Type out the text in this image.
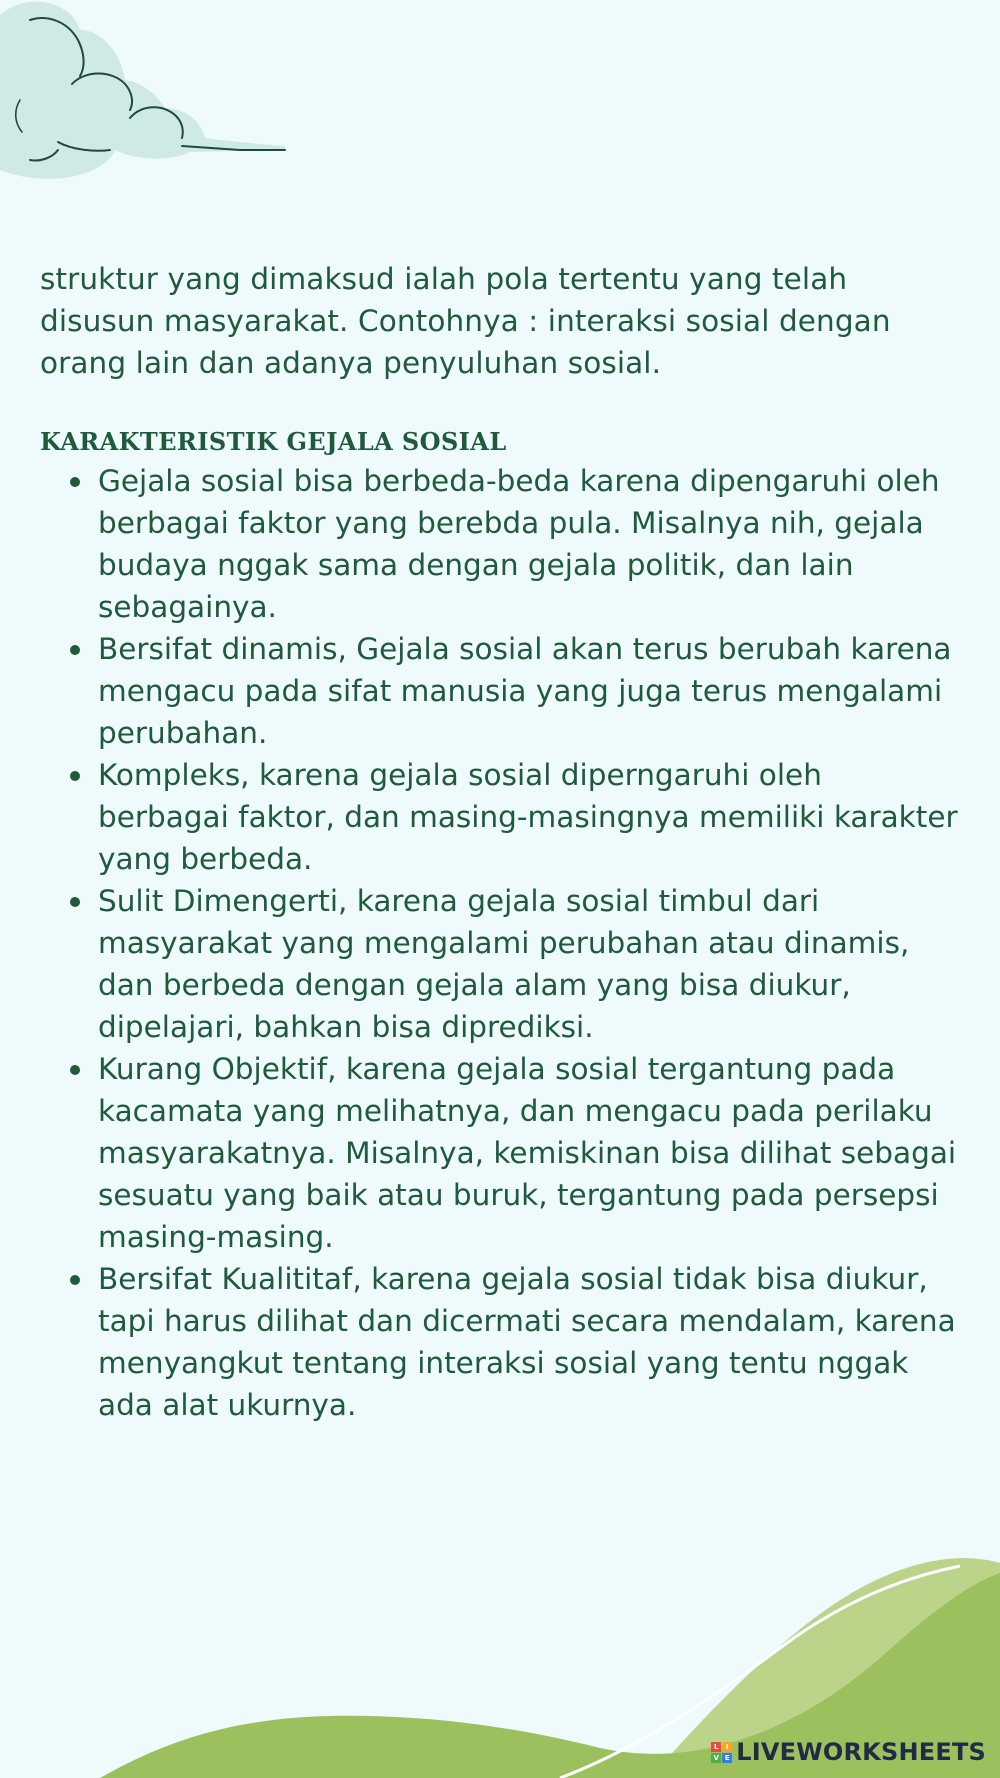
struktur yang dimaksud ialah pola tertentu yang telah disusun masyarakat. Contohnya : interaksi sosial dengan orang lain dan adanya penyuluhan sosial.

KARAKTERISTIK GEJALA SOSIAL
Gejala sosial bisa berbeda-beda karena dipengaruhi oleh berbagai faktor yang berebda pula. Misalnya nih, gejala budaya nggak sama dengan gejala politik, dan lain sebagainya.
Bersifat dinamis, Gejala sosial akan terus berubah karena mengacu pada sifat manusia yang juga terus mengalami perubahan.
Kompleks, karena gejala sosial diperngaruhi oleh berbagai faktor, dan masing-masingnya memiliki karakter yang berbeda.
Sulit Dimengerti, karena gejala sosial timbul dari masyarakat yang mengalami perubahan atau dinamis, dan berbeda dengan gejala alam yang bisa diukur, dipelajari, bahkan bisa diprediksi.
Kurang Objektif, karena gejala sosial tergantung pada kacamata yang melihatnya, dan mengacu pada perilaku masyarakatnya. Misalnya, kemiskinan bisa dilihat sebagai sesuatu yang baik atau buruk, tergantung pada persepsi masing-masing.
Bersifat Kualititaf, karena gejala sosial tidak bisa diukur, tapi harus dilihat dan dicermati secara mendalam, karena menyangkut tentang interaksi sosial yang tentu nggak ada alat ukurnya.
L	I
V E LIVEWORKSHEETS
